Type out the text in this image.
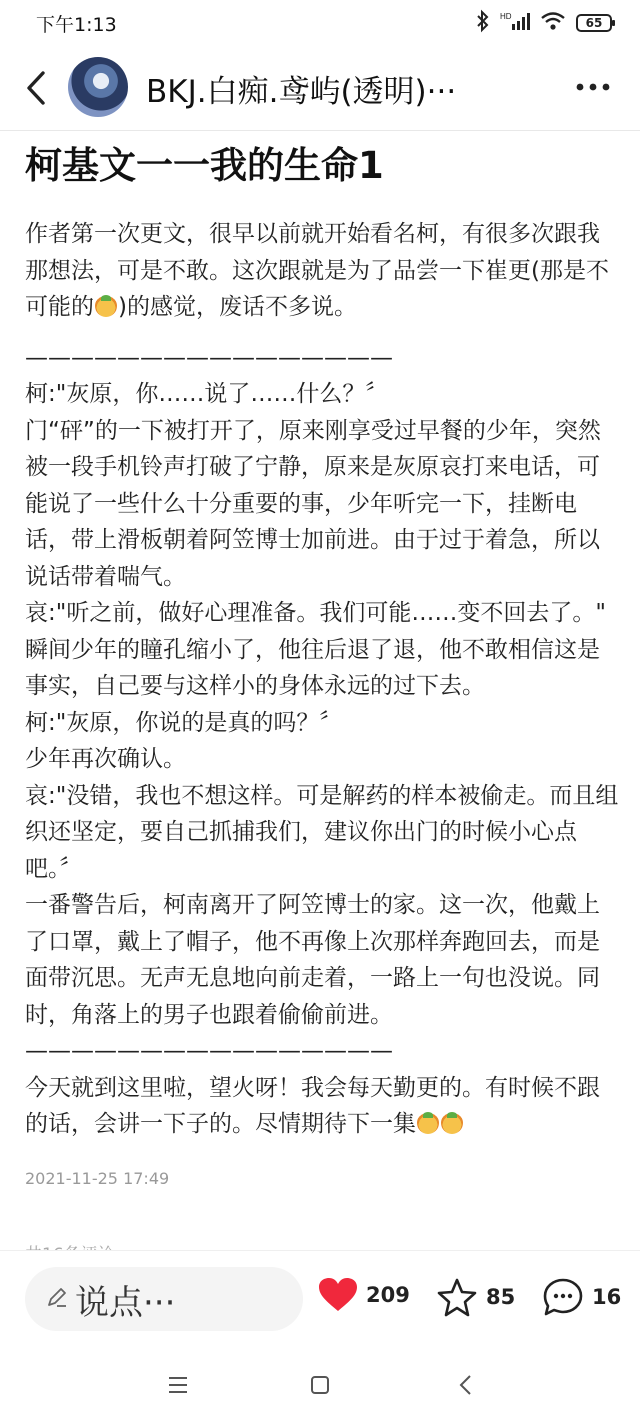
下午1:13	HD	65
BKJ.白痴.鸢屿(透明)···
柯基文一一我的生命1

作者第一次更文，很早以前就开始看名柯，有很多次跟我那想法，可是不敢。这次跟就是为了品尝一下崔更(那是不可能的 )的感觉，废话不多说。

————————————————

柯:"灰原，你……说了……什么？〞

门“砰”的一下被打开了，原来刚享受过早餐的少年，突然被一段手机铃声打破了宁静，原来是灰原哀打来电话，可能说了一些什么十分重要的事，少年听完一下，挂断电话，带上滑板朝着阿笠博士加前进。由于过于着急，所以说话带着喘气。

哀:"听之前，做好心理准备。我们可能……变不回去了。"

瞬间少年的瞳孔缩小了，他往后退了退，他不敢相信这是事实，自己要与这样小的身体永远的过下去。

柯:"灰原，你说的是真的吗？〞

少年再次确认。

哀:"没错，我也不想这样。可是解药的样本被偷走。而且组织还坚定，要自己抓捕我们，建议你出门的时候小心点吧。〞

一番警告后，柯南离开了阿笠博士的家。这一次，他戴上了口罩，戴上了帽子，他不再像上次那样奔跑回去，而是面带沉思。无声无息地向前走着，一路上一句也没说。同时，角落上的男子也跟着偷偷前进。

————————————————

今天就到这里啦，望火呀！我会每天勤更的。有时候不跟的话，会讲一下子的。尽情期待下一集

2021-11-25 17:49
说点···	209	85	16
